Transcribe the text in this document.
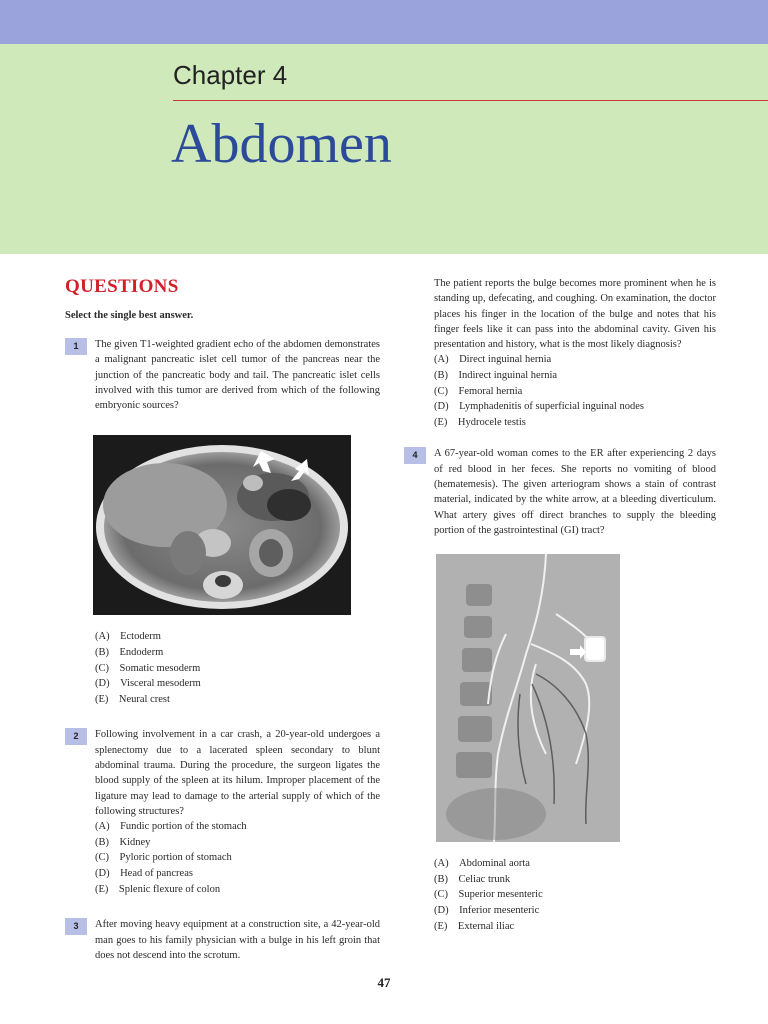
Chapter 4
Abdomen
QUESTIONS

Select the single best answer.

1	The given T1-weighted gradient echo of the abdomen demonstrates a malignant pancreatic islet cell tumor of the pancreas near the junction of the pancreatic body and tail. The pancreatic islet cells involved with this tumor are derived from which of the following embryonic sources?

(A) Ectoderm
(B) Endoderm
(C) Somatic mesoderm
(D) Visceral mesoderm
(E) Neural crest
2	Following involvement in a car crash, a 20-year-old undergoes a splenectomy due to a lacerated spleen secondary to blunt abdominal trauma. During the procedure, the surgeon ligates the blood supply of the spleen at its hilum. Improper placement of the ligature may lead to damage to the arterial supply of which of the following structures?

(A) Fundic portion of the stomach
(B) Kidney
(C) Pyloric portion of stomach
(D) Head of pancreas
(E) Splenic flexure of colon
3	After moving heavy equipment at a construction site, a 42-year-old man goes to his family physician with a bulge in his left groin that does not descend into the scrotum.

The patient reports the bulge becomes more prominent when he is standing up, defecating, and coughing. On examination, the doctor places his finger in the location of the bulge and notes that his finger feels like it can pass into the abdominal cavity. Given his presentation and history, what is the most likely diagnosis?

(A) Direct inguinal hernia
(B) Indirect inguinal hernia
(C) Femoral hernia
(D) Lymphadenitis of superficial inguinal nodes
(E) Hydrocele testis
4	A 67-year-old woman comes to the ER after experiencing 2 days of red blood in her feces. She reports no vomiting of blood (hematemesis). The given arteriogram shows a stain of contrast material, indicated by the white arrow, at a bleeding diverticulum. What artery gives off direct branches to supply the bleeding portion of the gastrointestinal (GI) tract?

(A) Abdominal aorta
(B) Celiac trunk
(C) Superior mesenteric
(D) Inferior mesenteric
(E) External iliac
47
